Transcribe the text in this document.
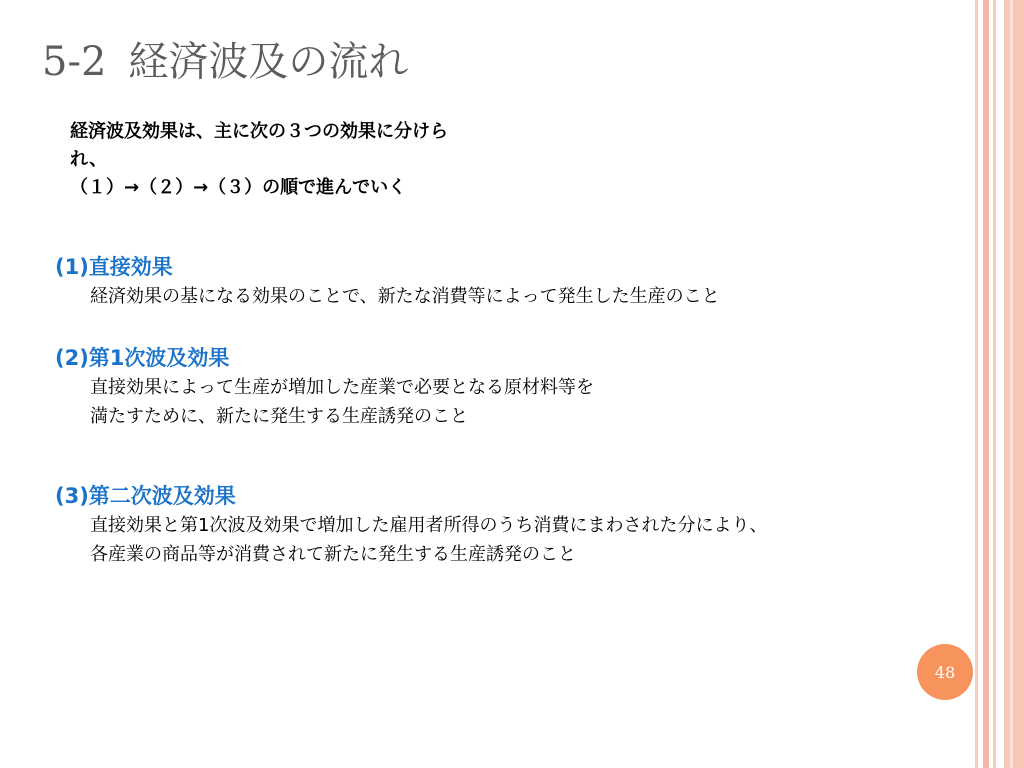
5-2 経済波及の流れ
経済波及効果は、主に次の３つの効果に分けら
れ、
（１）→（２）→（３）の順で進んでいく
(1)直接効果
経済効果の基になる効果のことで、新たな消費等によって発生した生産のこと
(2)第1次波及効果
直接効果によって生産が増加した産業で必要となる原材料等を
満たすために、新たに発生する生産誘発のこと
(3)第二次波及効果
直接効果と第1次波及効果で増加した雇用者所得のうち消費にまわされた分により、
各産業の商品等が消費されて新たに発生する生産誘発のこと
48
